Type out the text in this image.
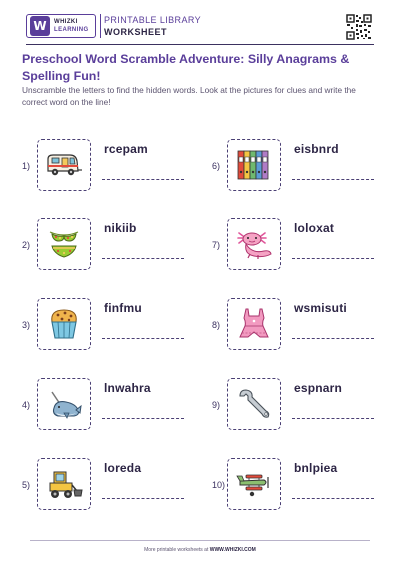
W	WHIZKI
LEARNING
PRINTABLE LIBRARY
WORKSHEET
Preschool Word Scramble Adventure: Silly Anagrams & Spelling Fun!
Unscramble the letters to find the hidden words. Look at the pictures for clues and write the correct word on the line!
1)
rcepam
2)
nikiib
3)
finfmu
4)
lnwahra
5)
loreda
6)
eisbnrd
7)
loloxat
8)
wsmisuti
9)
espnarn
10)
bnlpiea
More printable worksheets at WWW.WHIZKI.COM
